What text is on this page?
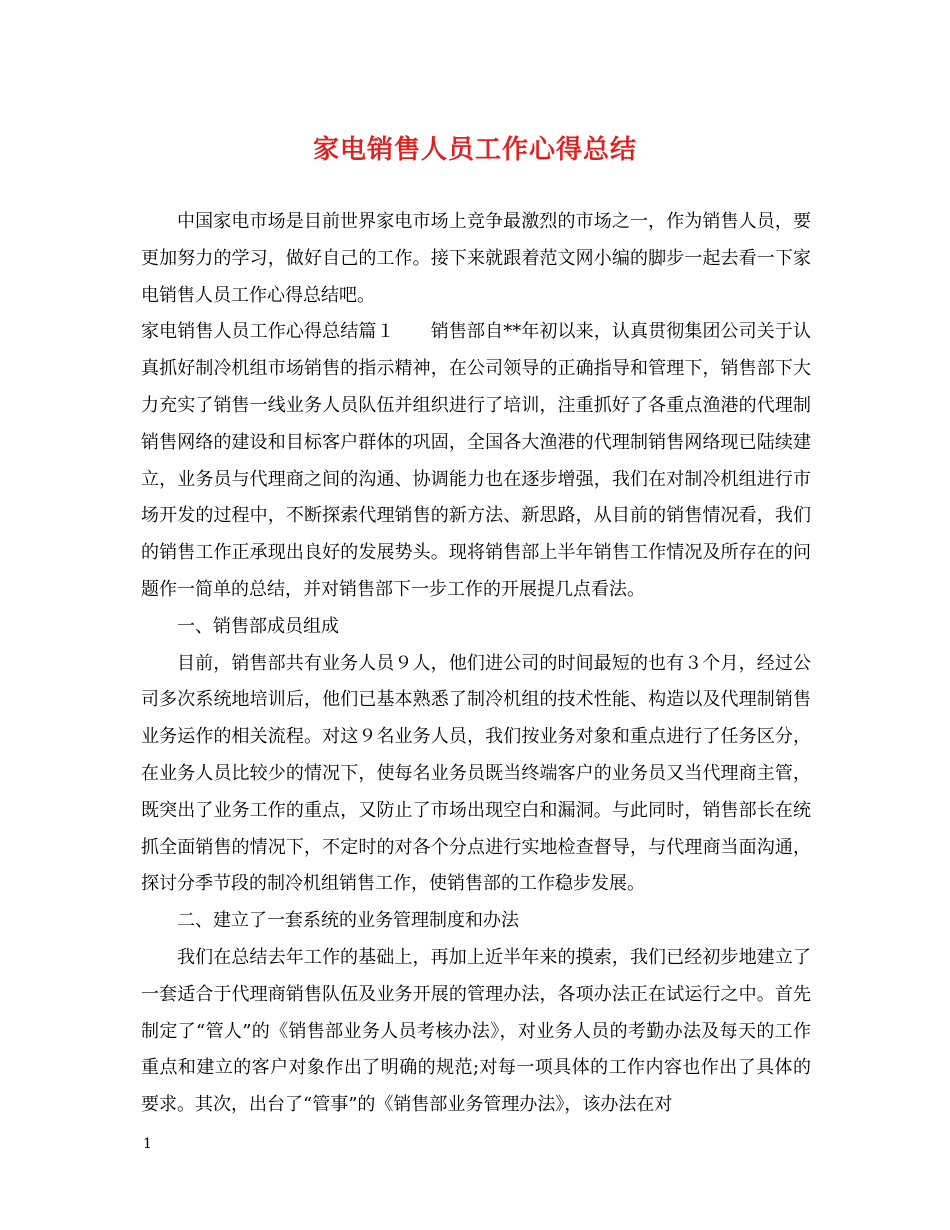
家电销售人员工作心得总结

中国家电市场是目前世界家电市场上竞争最激烈的市场之一，作为销售人员，要更加努力的学习，做好自己的工作。接下来就跟着范文网小编的脚步一起去看一下家电销售人员工作心得总结吧。

家电销售人员工作心得总结篇１　　销售部自**年初以来，认真贯彻集团公司关于认真抓好制冷机组市场销售的指示精神，在公司领导的正确指导和管理下，销售部下大力充实了销售一线业务人员队伍并组织进行了培训，注重抓好了各重点渔港的代理制销售网络的建设和目标客户群体的巩固，全国各大渔港的代理制销售网络现已陆续建立，业务员与代理商之间的沟通、协调能力也在逐步增强，我们在对制冷机组进行市场开发的过程中，不断探索代理销售的新方法、新思路，从目前的销售情况看，我们的销售工作正承现出良好的发展势头。现将销售部上半年销售工作情况及所存在的问题作一简单的总结，并对销售部下一步工作的开展提几点看法。

一、销售部成员组成

目前，销售部共有业务人员９人，他们进公司的时间最短的也有３个月，经过公司多次系统地培训后，他们已基本熟悉了制冷机组的技术性能、构造以及代理制销售业务运作的相关流程。对这９名业务人员，我们按业务对象和重点进行了任务区分，在业务人员比较少的情况下，使每名业务员既当终端客户的业务员又当代理商主管，既突出了业务工作的重点，又防止了市场出现空白和漏洞。与此同时，销售部长在统抓全面销售的情况下，不定时的对各个分点进行实地检查督导，与代理商当面沟通，探讨分季节段的制冷机组销售工作，使销售部的工作稳步发展。

二、建立了一套系统的业务管理制度和办法

我们在总结去年工作的基础上，再加上近半年来的摸索，我们已经初步地建立了一套适合于代理商销售队伍及业务开展的管理办法，各项办法正在试运行之中。首先制定了“管人”的《销售部业务人员考核办法》，对业务人员的考勤办法及每天的工作重点和建立的客户对象作出了明确的规范;对每一项具体的工作内容也作出了具体的要求。其次，出台了“管事”的《销售部业务管理办法》，该办法在对

1
